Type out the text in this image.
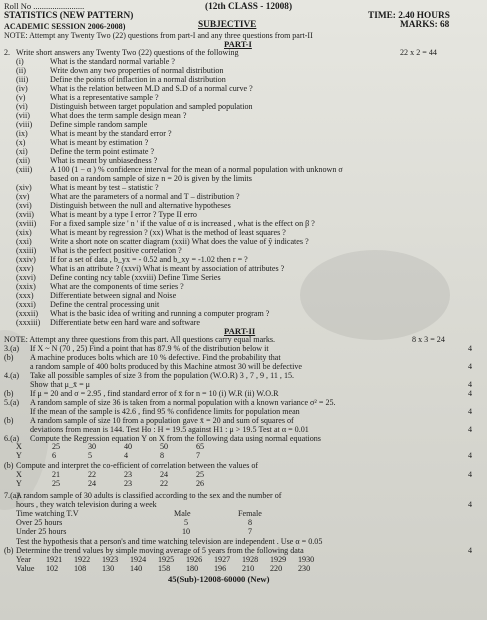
Roll No ........................	(12th CLASS - 12008)
STATISTICS (NEW PATTERN)	TIME: 2.40 HOURS
ACADEMIC SESSION 2006-2008)	SUBJECTIVE	MARKS: 68
NOTE: Attempt any Twenty Two (22) questions from part-I and any three questions from part-II
PART-I
2. Write short answers any Twenty Two (22) questions of the following	22 x 2 = 44
(i)	What is the standard normal variable ?
(ii)	Write down any two properties of normal distribution
(iii)	Define the points of inflaction in a normal distribution
(iv)	What is the relation between M.D and S.D of a normal curve ?
(v)	What is a representative sample ?
(vi)	Distinguish between target population and sampled population
(vii) What does the term sample design mean ?
(viii) Define simple random sample
(ix)	What is meant by the standard error ?
(x)	What is meant by estimation ?
(xi)	Define the term point estimate ?
(xii) What is meant by unbiasedness ?
(xiii) A 100 (1 − α ) % confidence interval for the mean of a normal population with unknown σ
based on a random sample of size n = 20 is given by the limits
(xiv) What is meant by test – statistic ?
(xv)	What are the parameters of a normal and T – distribution ?
(xvi) Distinguish between the null and alternative hypotheses
(xvii) What is meant by a type I error ? Type II erro
(xviii) For a fixed sample size ' n ' if the value of α is increased , what is the effect on β ?
(xix) What is meant by regression ? (xx) What is the method of least squares ?
(xxi) Write a short note on scatter diagram (xxii) What does the value of ŷ indicates ?
(xxiii) What is the perfect positive correlation ?
(xxiv) If for a set of data , b_yx = - 0.52 and b_xy = -1.02 then r = ?
(xxv) What is an attribute ? (xxvi) What is meant by association of attributes ?
(xxvi) Define conting ncy table (xxviii) Define Time Series
(xxix) What are the components of time series ?
(xxx) Differentiate between signal and Noise
(xxxi) Define the central processing unit
(xxxii) What is the basic idea of writing and running a computer program ?
(xxxiii) Differentiate betw een hard ware and software
PART-II
NOTE: Attempt any three questions from this part. All questions carry equal marks.	8 x 3 = 24
3.(a) If X ~ N (70 , 25) Find a point that has 87.9 % of the distribution below it	4
(b) A machine produces bolts which are 10 % defective. Find the probability that
a random sample of 400 bolts produced by this Machine atmost 30 will be defective	4
4.(a) Take all possible samples of size 3 from the population (W.O.R) 3 , 7 , 9 , 11 , 15.
Show that μ_x̄ = μ	4
(b) If μ = 20 and σ = 2.95 , find standard error of x̄ for n = 10 (i) W.R (ii) W.O.R	4
5.(a) A random sample of size 36 is taken from a normal population with a known variance σ² = 25.
If the mean of the sample is 42.6 , find 95 % confidence limits for population mean	4
(b) A random sample of size 10 from a population gave x̄ = 20 and sum of squares of
deviations from mean is 144. Test Ho : H = 19.5 against H1 : μ > 19.5 Test at α = 0.01	4
6.(a) Compute the Regression equation Y on X from the following data using normal equations
X	25	30	40	50	65
Y	6	5	4	8	7	4
(b) Compute and interpret the co-efficient of correlation between the values of
4
X	21	22	23	24	25
Y	25	24	23	22	26
7.(a)
A random sample of 30 adults is classified according to the sex and the number of
hours , they watch television during a week	4
Time watching T.V	Male	Female
Over 25 hours	5	8
Under 25 hours	10	7
Test the hypothesis that a person's and time watching television are independent . Use α = 0.05
(b) Determine the trend values by simple moving average of 5 years from the following data	4
Year 1921 1922 1923 1924 1925 1926 1927 1928 1929 1930
Value 102 108 130 140 158 180 196 210 220 230
45(Sub)-12008-60000 (New)
